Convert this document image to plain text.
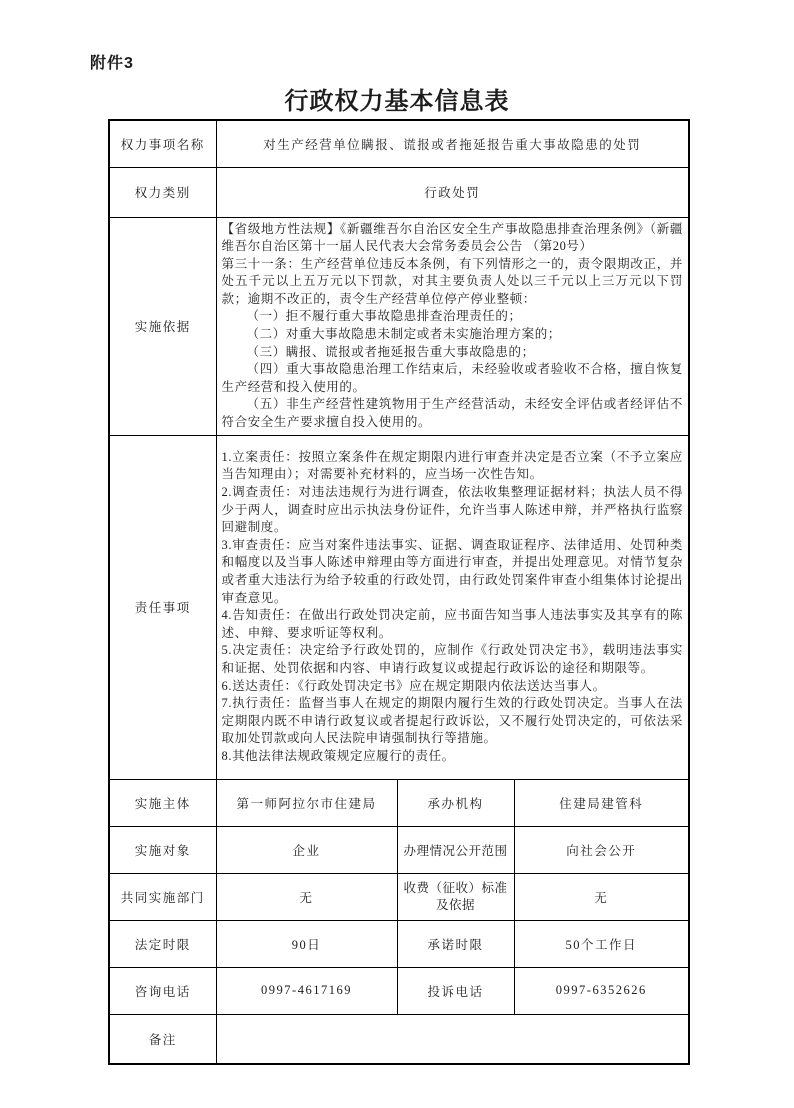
附件3
行政权力基本信息表
权力事项名称	对生产经营单位瞒报、谎报或者拖延报告重大事故隐患的处罚		
权力类别	行政处罚		
实施依据	
【省级地方性法规】《新疆维吾尔自治区安全生产事故隐患排查治理条例》（新疆维吾尔自治区第十一届人民代表大会常务委员会公告 （第20号）
第三十一条：生产经营单位违反本条例，有下列情形之一的，责令限期改正，并处五千元以上五万元以下罚款，对其主要负责人处以三千元以上三万元以下罚款；逾期不改正的，责令生产经营单位停产停业整顿：
（一）拒不履行重大事故隐患排查治理责任的；
（二）对重大事故隐患未制定或者未实施治理方案的；
（三）瞒报、谎报或者拖延报告重大事故隐患的；
（四）重大事故隐患治理工作结束后，未经验收或者验收不合格，擅自恢复生产经营和投入使用的。
（五）非生产经营性建筑物用于生产经营活动，未经安全评估或者经评估不符合安全生产要求擅自投入使用的。

责任事项	
1.立案责任：按照立案条件在规定期限内进行审查并决定是否立案（不予立案应当告知理由）；对需要补充材料的，应当场一次性告知。
2.调查责任：对违法违规行为进行调查，依法收集整理证据材料；执法人员不得少于两人，调查时应出示执法身份证件，允许当事人陈述申辩，并严格执行监察回避制度。
3.审查责任：应当对案件违法事实、证据、调查取证程序、法律适用、处罚种类和幅度以及当事人陈述申辩理由等方面进行审查，并提出处理意见。对情节复杂或者重大违法行为给予较重的行政处罚，由行政处罚案件审查小组集体讨论提出审查意见。
4.告知责任：在做出行政处罚决定前，应书面告知当事人违法事实及其享有的陈述、申辩、要求听证等权利。
5.决定责任：决定给予行政处罚的，应制作《行政处罚决定书》，载明违法事实和证据、处罚依据和内容、申请行政复议或提起行政诉讼的途径和期限等。
6.送达责任：《行政处罚决定书》应在规定期限内依法送达当事人。
7.执行责任：监督当事人在规定的期限内履行生效的行政处罚决定。当事人在法定期限内既不申请行政复议或者提起行政诉讼，又不履行处罚决定的，可依法采取加处罚款或向人民法院申请强制执行等措施。
8.其他法律法规政策规定应履行的责任。

实施主体	第一师阿拉尔市住建局	承办机构	住建局建管科
实施对象	企业	办理情况公开范围	向社会公开
共同实施部门	无	收费（征收）标准及依据	无
法定时限	90日	承诺时限	50个工作日
咨询电话	0997-4617169	投诉电话	0997-6352626
备注			
